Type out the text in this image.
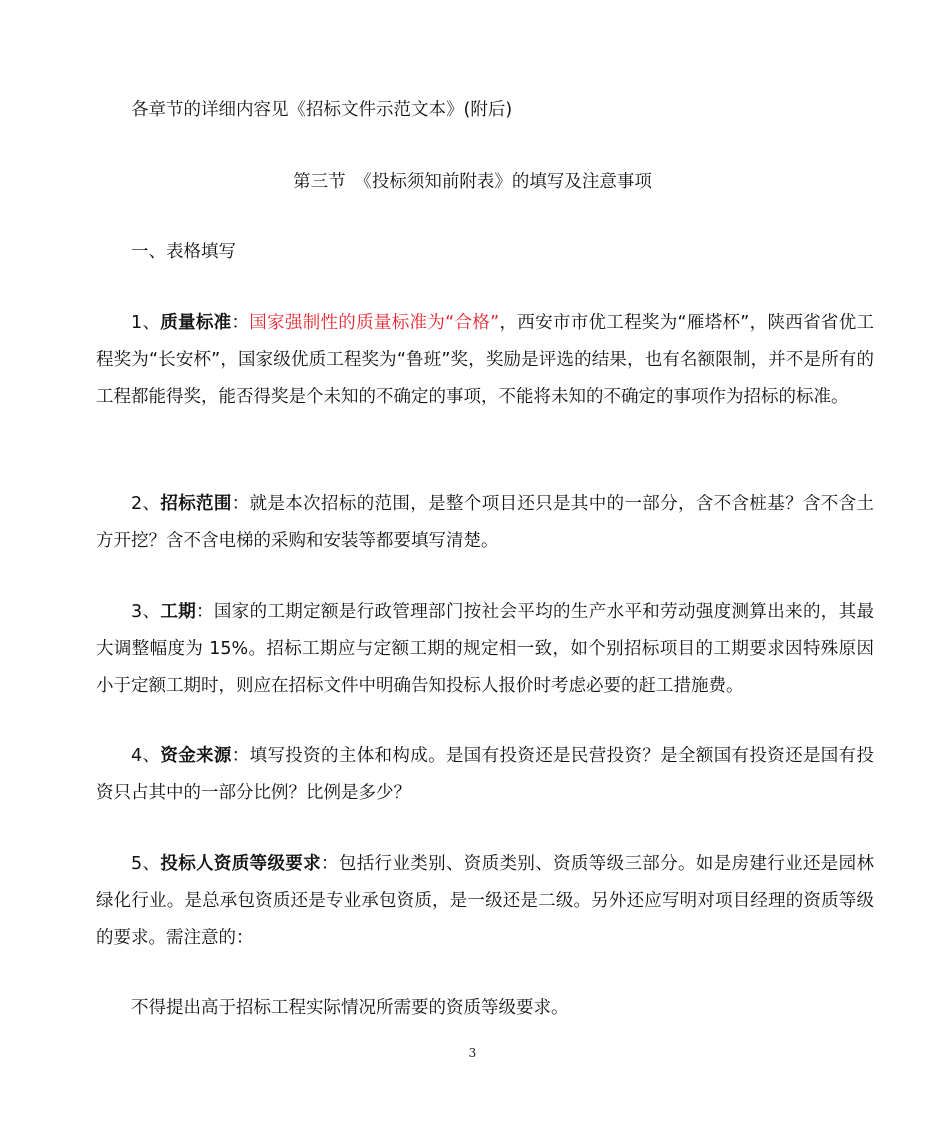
各章节的详细内容见《招标文件示范文本》(附后)

第三节　《投标须知前附表》的填写及注意事项

一、表格填写

1、质量标准：国家强制性的质量标准为“合格”，西安市市优工程奖为“雁塔杯”，陕西省省优工程奖为“长安杯”，国家级优质工程奖为“鲁班”奖，奖励是评选的结果，也有名额限制，并不是所有的工程都能得奖，能否得奖是个未知的不确定的事项，不能将未知的不确定的事项作为招标的标准。

2、招标范围：就是本次招标的范围，是整个项目还只是其中的一部分，含不含桩基？含不含土方开挖？含不含电梯的采购和安装等都要填写清楚。

3、工期：国家的工期定额是行政管理部门按社会平均的生产水平和劳动强度测算出来的，其最大调整幅度为 15%。招标工期应与定额工期的规定相一致，如个别招标项目的工期要求因特殊原因小于定额工期时，则应在招标文件中明确告知投标人报价时考虑必要的赶工措施费。

4、资金来源：填写投资的主体和构成。是国有投资还是民营投资？是全额国有投资还是国有投资只占其中的一部分比例？比例是多少？

5、投标人资质等级要求：包括行业类别、资质类别、资质等级三部分。如是房建行业还是园林绿化行业。是总承包资质还是专业承包资质，是一级还是二级。另外还应写明对项目经理的资质等级的要求。需注意的：

不得提出高于招标工程实际情况所需要的资质等级要求。

3
